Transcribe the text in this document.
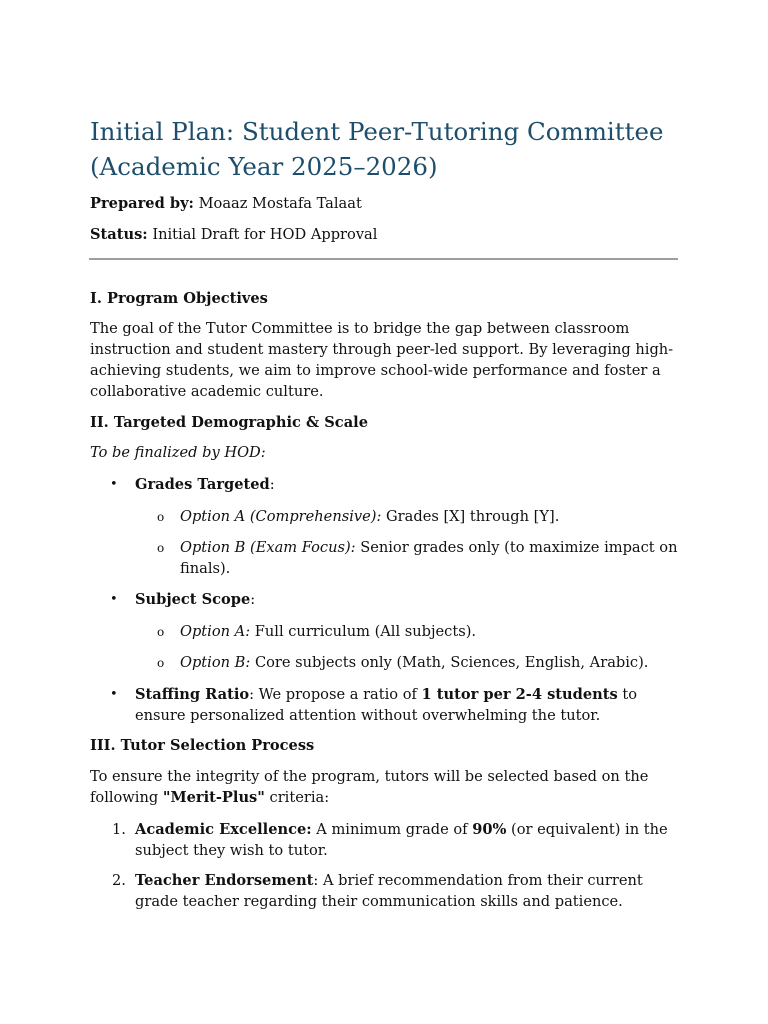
Initial Plan: Student Peer-Tutoring Committee (Academic Year 2025–2026)

Prepared by: Moaaz Mostafa Talaat

Status: Initial Draft for HOD Approval

I. Program Objectives

The goal of the Tutor Committee is to bridge the gap between classroom instruction and student mastery through peer-led support. By leveraging high-achieving students, we aim to improve school-wide performance and foster a collaborative academic culture.

II. Targeted Demographic & Scale

To be finalized by HOD:

• Grades Targeted:
o Option A (Comprehensive): Grades [X] through [Y].
o Option B (Exam Focus): Senior grades only (to maximize impact on finals).
• Subject Scope:
o Option A: Full curriculum (All subjects).
o Option B: Core subjects only (Math, Sciences, English, Arabic).
• Staffing Ratio: We propose a ratio of 1 tutor per 2-4 students to ensure personalized attention without overwhelming the tutor.
III. Tutor Selection Process

To ensure the integrity of the program, tutors will be selected based on the following "Merit-Plus" criteria:

1. Academic Excellence: A minimum grade of 90% (or equivalent) in the subject they wish to tutor.
2. Teacher Endorsement: A brief recommendation from their current grade teacher regarding their communication skills and patience.
